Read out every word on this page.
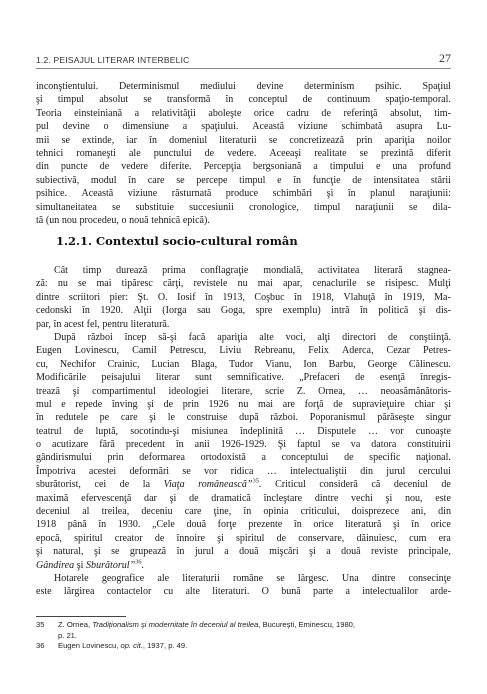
1.2. PEISAJUL LITERAR INTERBELIC	27
inconştientului. Determinismul mediului devine determinism psihic. Spaţiul
şi timpul absolut se transformă în conceptul de continuum spaţio-temporal.
Teoria einsteiniană a relativităţii aboleşte orice cadru de referinţă absolut, tim-
pul devine o dimensiune a spaţiului. Această viziune schimbată asupra Lu-
mii se extinde, iar în domeniul literaturii se concretizează prin apariţia noilor
tehnici romaneşti ale punctului de vedere. Aceeaşi realitate se prezintă diferit
din puncte de vedere diferite. Percepţia bergsoniană a timpului e una profund
subiectivă, modul în care se percepe timpul e în funcţie de intensitatea stării
psihice. Această viziune răsturnată produce schimbări şi în planul naraţiunii:
simultaneitatea se substituie succesiunii cronologice, timpul naraţiunii se dila-
tă (un nou procedeu, o nouă tehnică epică).
1.2.1. Contextul socio-cultural român
Cât timp durează prima conflagraţie mondială, activitatea literară stagnea-
ză: nu se mai tipăresc cărţi, revistele nu mai apar, cenaclurile se risipesc. Mulţi
dintre scriitori pier: Şt. O. Iosif în 1913, Coşbuc în 1918, Vlahuţă în 1919, Ma-
cedonski în 1920. Alţii (Iorga sau Goga, spre exemplu) intră în politică şi dis-
par, în acest fel, pentru literatură.
După război încep să-şi facă apariţia alte voci, alţi directori de conştiinţă.
Eugen Lovinescu, Camil Petrescu, Liviu Rebreanu, Felix Aderca, Cezar Petres-
cu, Nechifor Crainic, Lucian Blaga, Tudor Vianu, Ion Barbu, George Călinescu.
Modificările peisajului literar sunt semnificative. „Prefaceri de esenţă înregis-
trează şi compartimentul ideologiei literare, scrie Z. Ornea, … neoasămănătoris-
mul e repede înving şi de prin 1926 nu mai are forţă de supravieţuire chiar şi
în redutele pe care şi le construise după război. Poporanismul părăseşte singur
teatrul de luptă, socotindu-şi misiunea îndeplinită … Disputele … vor cunoaşte
o acutizare fără precedent în anii 1926-1929. Şi faptul se va datora constituirii
gândirismului prin deformarea ortodoxistă a conceptului de specific naţional.
Împotriva acestei deformări se vor ridica … intelectualiştii din jurul cercului
sburătorist, cei de la Viaţa românească”$^{35}$. Criticul consideră că deceniul de
maximă efervescenţă dar şi de dramatică încleştare dintre vechi şi nou, este
deceniul al treilea, deceniu care ţine, în opinia criticului, doisprezece ani, din
1918 până în 1930. „Cele două forţe prezente în orice literatură şi în orice
epocă, spiritul creator de înnoire şi spiritul de conservare, dăinuiesc, cum era
şi natural, şi se grupează în jurul a două mişcări şi a două reviste principale,
Gândirea şi Sburătorul”$^{36}$.
Hotarele geografice ale literaturii române se lărgesc. Una dintre consecinţe
este lărgirea contactelor cu alte literaturi. O bună parte a intelectualilor arde-
35	Z. Ornea, Tradiţionalism şi modernitate în deceniul al treilea, Bucureşti, Eminescu, 1980,
p. 21.
36	Eugen Lovinescu, op. cit., 1937, p. 49.
